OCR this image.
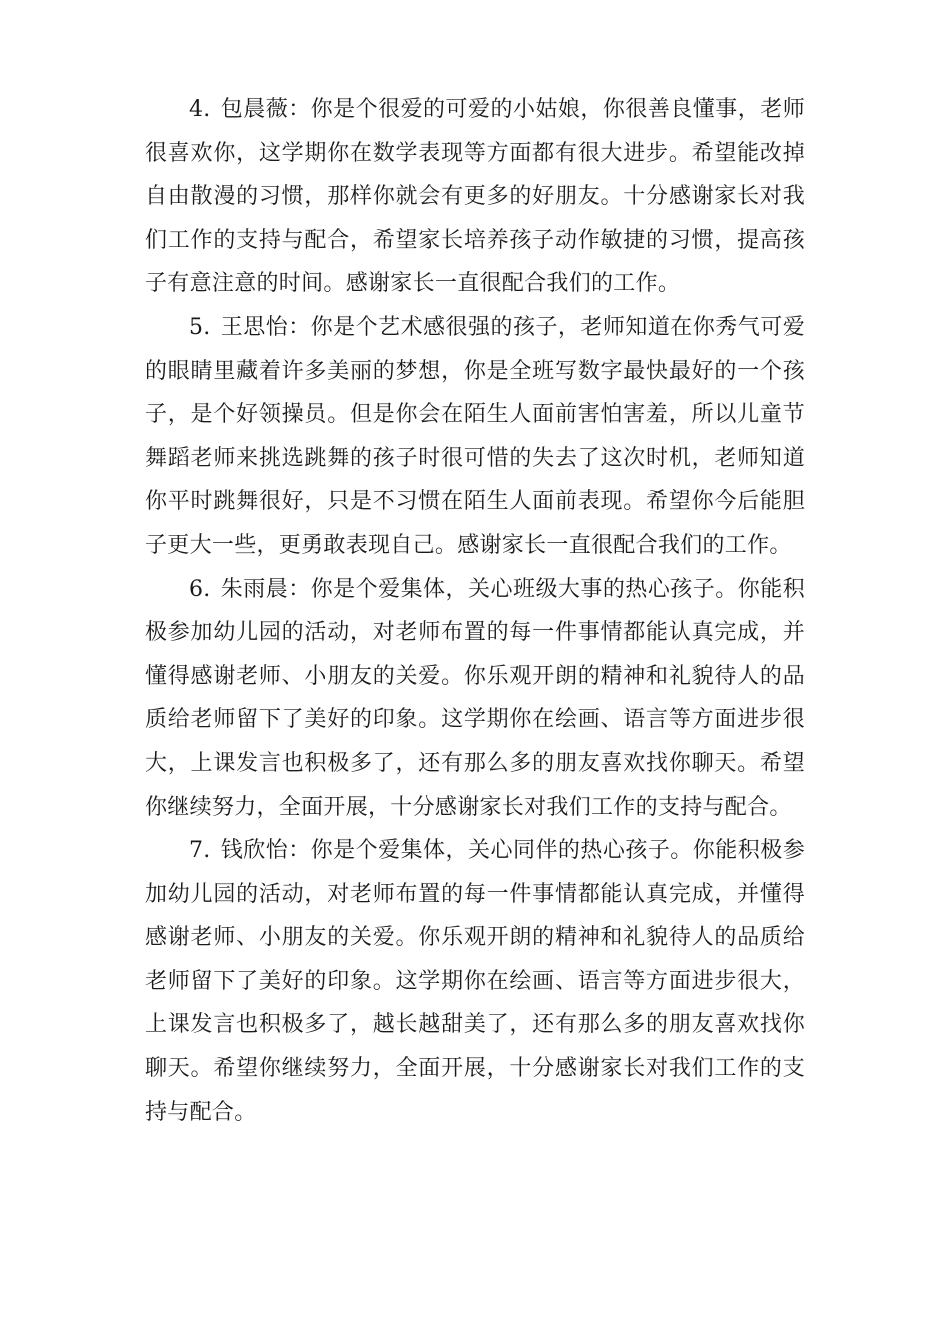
4. 包晨薇：你是个很爱的可爱的小姑娘，你很善良懂事，老师很喜欢你，这学期你在数学表现等方面都有很大进步。希望能改掉自由散漫的习惯，那样你就会有更多的好朋友。十分感谢家长对我们工作的支持与配合，希望家长培养孩子动作敏捷的习惯，提高孩子有意注意的时间。感谢家长一直很配合我们的工作。

5. 王思怡：你是个艺术感很强的孩子，老师知道在你秀气可爱的眼睛里藏着许多美丽的梦想，你是全班写数字最快最好的一个孩子，是个好领操员。但是你会在陌生人面前害怕害羞，所以儿童节舞蹈老师来挑选跳舞的孩子时很可惜的失去了这次时机，老师知道你平时跳舞很好，只是不习惯在陌生人面前表现。希望你今后能胆子更大一些，更勇敢表现自己。感谢家长一直很配合我们的工作。

6. 朱雨晨：你是个爱集体，关心班级大事的热心孩子。你能积极参加幼儿园的活动，对老师布置的每一件事情都能认真完成，并懂得感谢老师、小朋友的关爱。你乐观开朗的精神和礼貌待人的品质给老师留下了美好的印象。这学期你在绘画、语言等方面进步很大，上课发言也积极多了，还有那么多的朋友喜欢找你聊天。希望你继续努力，全面开展，十分感谢家长对我们工作的支持与配合。

7. 钱欣怡：你是个爱集体，关心同伴的热心孩子。你能积极参加幼儿园的活动，对老师布置的每一件事情都能认真完成，并懂得感谢老师、小朋友的关爱。你乐观开朗的精神和礼貌待人的品质给老师留下了美好的印象。这学期你在绘画、语言等方面进步很大，上课发言也积极多了，越长越甜美了，还有那么多的朋友喜欢找你聊天。希望你继续努力，全面开展，十分感谢家长对我们工作的支持与配合。
